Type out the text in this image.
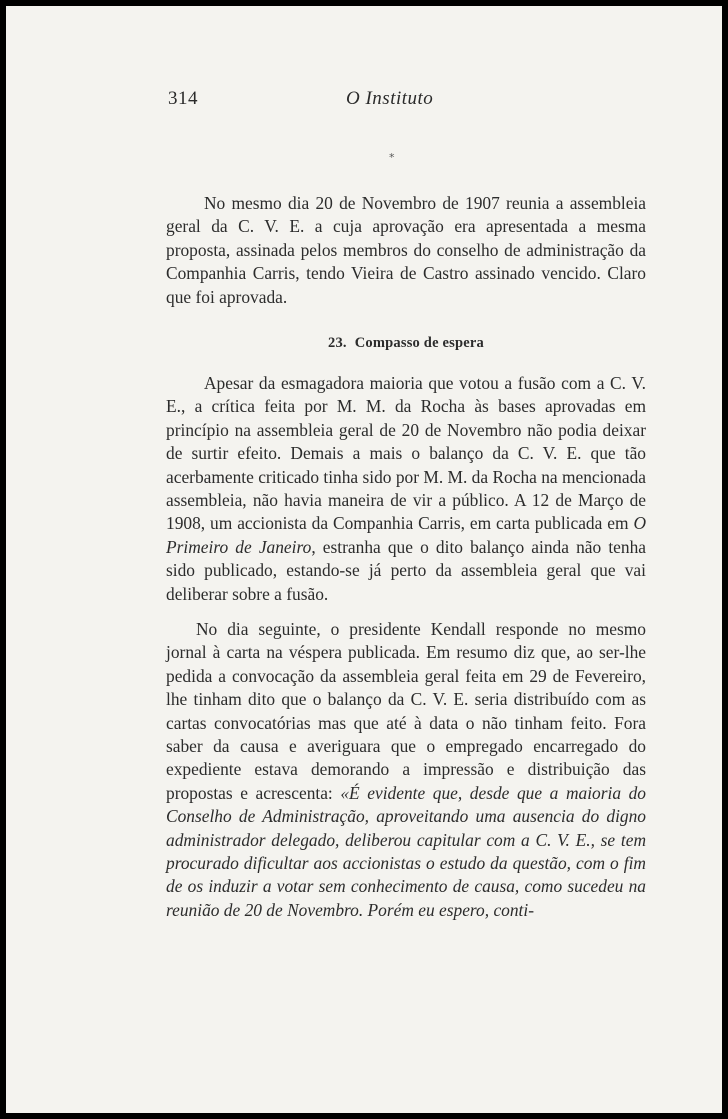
314	O Instituto
*

No mesmo dia 20 de Novembro de 1907 reunia a assembleia geral da C. V. E. a cuja aprovação era apresentada a mesma proposta, assinada pelos membros do conselho de administração da Companhia Carris, tendo Vieira de Castro assinado vencido. Claro que foi aprovada.

23. Compasso de espera

Apesar da esmagadora maioria que votou a fusão com a C. V. E., a crítica feita por M. M. da Rocha às bases aprovadas em princípio na assembleia geral de 20 de Novembro não podia deixar de surtir efeito. Demais a mais o balanço da C. V. E. que tão acerbamente criticado tinha sido por M. M. da Rocha na mencionada assembleia, não havia maneira de vir a público. A 12 de Março de 1908, um accionista da Companhia Carris, em carta publicada em O Primeiro de Janeiro, estranha que o dito balanço ainda não tenha sido publicado, estando-se já perto da assembleia geral que vai deliberar sobre a fusão.

No dia seguinte, o presidente Kendall responde no mesmo jornal à carta na véspera publicada. Em resumo diz que, ao ser-lhe pedida a convocação da assembleia geral feita em 29 de Fevereiro, lhe tinham dito que o balanço da C. V. E. seria distribuído com as cartas convocatórias mas que até à data o não tinham feito. Fora saber da causa e averiguara que o empregado encarregado do expediente estava demorando a impressão e distribuição das propostas e acrescenta: «É evidente que, desde que a maioria do Conselho de Administração, aproveitando uma ausencia do digno administrador delegado, deliberou capitular com a C. V. E., se tem procurado dificultar aos accionistas o estudo da questão, com o fim de os induzir a votar sem conhecimento de causa, como sucedeu na reunião de 20 de Novembro. Porém eu espero, conti-
